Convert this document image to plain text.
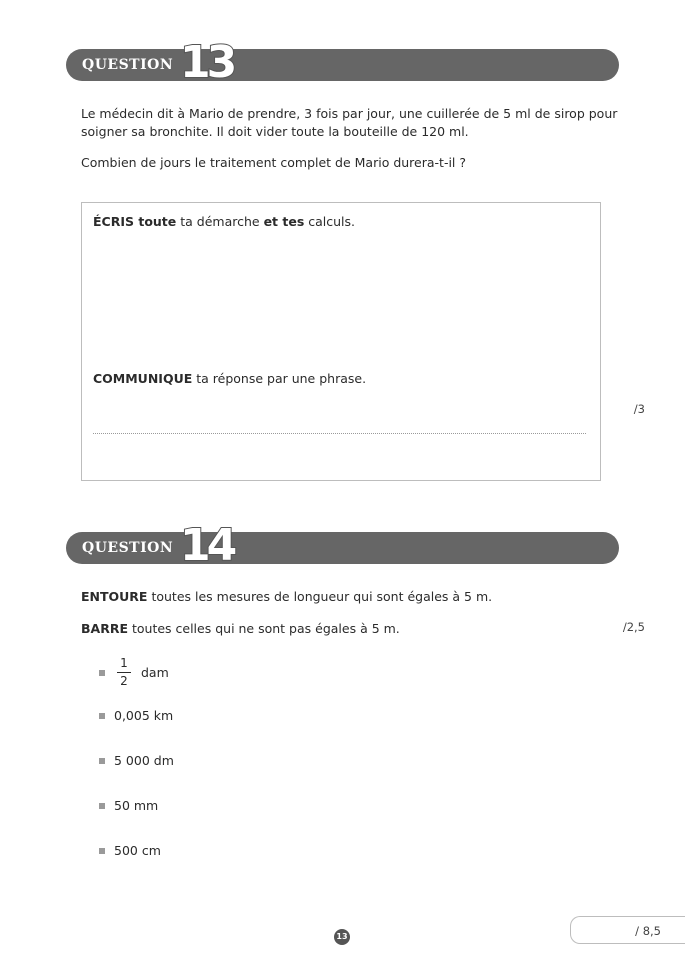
QUESTION 13
Le médecin dit à Mario de prendre, 3 fois par jour, une cuillerée de 5 ml de sirop pour
soigner sa bronchite. Il doit vider toute la bouteille de 120 ml.
Combien de jours le traitement complet de Mario durera-t-il ?
ÉCRIS toute ta démarche et tes calculs.
COMMUNIQUE ta réponse par une phrase.
/3
QUESTION 14
ENTOURE toutes les mesures de longueur qui sont égales à 5 m.
BARRE toutes celles qui ne sont pas égales à 5 m.	/2,5
1
2
dam
0,005 km
5 000 dm
50 mm
500 cm
/ 8,5
13
